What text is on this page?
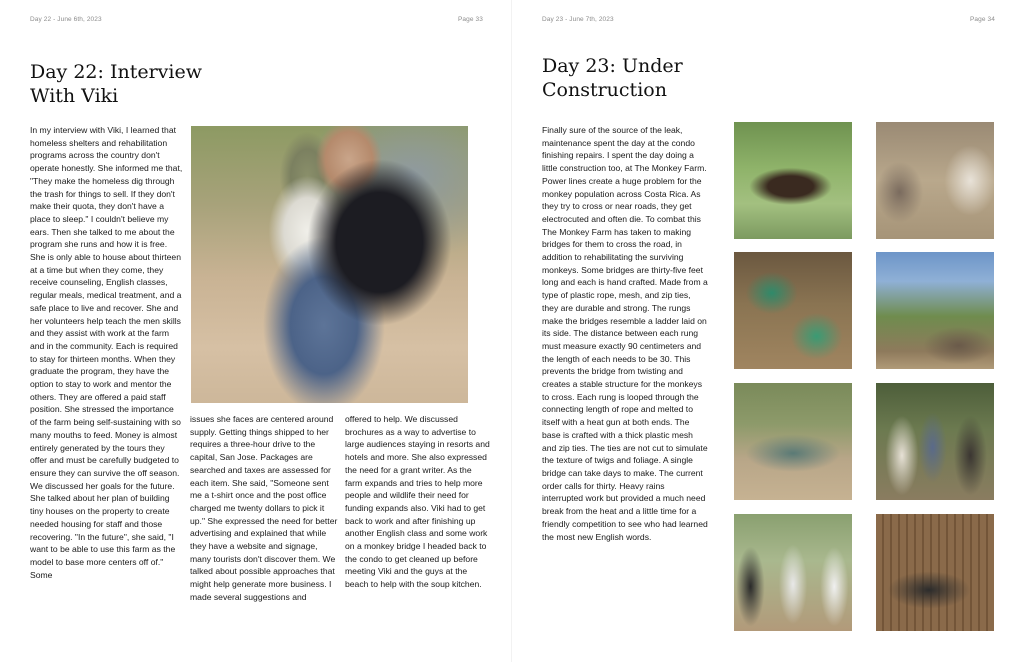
Day 22 - June 6th, 2023	Page 33
Day 22: Interview With Viki

In my interview with Viki, I learned that homeless shelters and rehabilitation programs across the country don't operate honestly. She informed me that, "They make the homeless dig through the trash for things to sell. If they don't make their quota, they don't have a place to sleep." I couldn't believe my ears. Then she talked to me about the program she runs and how it is free. She is only able to house about thirteen at a time but when they come, they receive counseling, English classes, regular meals, medical treatment, and a safe place to live and recover. She and her volunteers help teach the men skills and they assist with work at the farm and in the community. Each is required to stay for thirteen months. When they graduate the program, they have the option to stay to work and mentor the others. They are offered a paid staff position. She stressed the importance of the farm being self-sustaining with so many mouths to feed. Money is almost entirely generated by the tours they offer and must be carefully budgeted to ensure they can survive the off season. We discussed her goals for the future. She talked about her plan of building tiny houses on the property to create needed housing for staff and those recovering. "In the future", she said, "I want to be able to use this farm as the model to base more centers off of." Some

issues she faces are centered around supply. Getting things shipped to her requires a three-hour drive to the capital, San Jose. Packages are searched and taxes are assessed for each item. She said, "Someone sent me a t-shirt once and the post office charged me twenty dollars to pick it up." She expressed the need for better advertising and explained that while they have a website and signage, many tourists don't discover them. We talked about possible approaches that might help generate more business. I made several suggestions and

offered to help. We discussed brochures as a way to advertise to large audiences staying in resorts and hotels and more. She also expressed the need for a grant writer. As the farm expands and tries to help more people and wildlife their need for funding expands also. Viki had to get back to work and after finishing up another English class and some work on a monkey bridge I headed back to the condo to get cleaned up before meeting Viki and the guys at the beach to help with the soup kitchen.

Day 23 - June 7th, 2023	Page 34
Day 23: Under Construction

Finally sure of the source of the leak, maintenance spent the day at the condo finishing repairs. I spent the day doing a little construction too, at The Monkey Farm. Power lines create a huge problem for the monkey population across Costa Rica. As they try to cross or near roads, they get electrocuted and often die. To combat this The Monkey Farm has taken to making bridges for them to cross the road, in addition to rehabilitating the surviving monkeys. Some bridges are thirty-five feet long and each is hand crafted. Made from a type of plastic rope, mesh, and zip ties, they are durable and strong. The rungs make the bridges resemble a ladder laid on its side. The distance between each rung must measure exactly 90 centimeters and the length of each needs to be 30. This prevents the bridge from twisting and creates a stable structure for the monkeys to cross. Each rung is looped through the connecting length of rope and melted to itself with a heat gun at both ends. The base is crafted with a thick plastic mesh and zip ties. The ties are not cut to simulate the texture of twigs and foliage. A single bridge can take days to make. The current order calls for thirty. Heavy rains interrupted work but provided a much need break from the heat and a little time for a friendly competition to see who had learned the most new English words.
